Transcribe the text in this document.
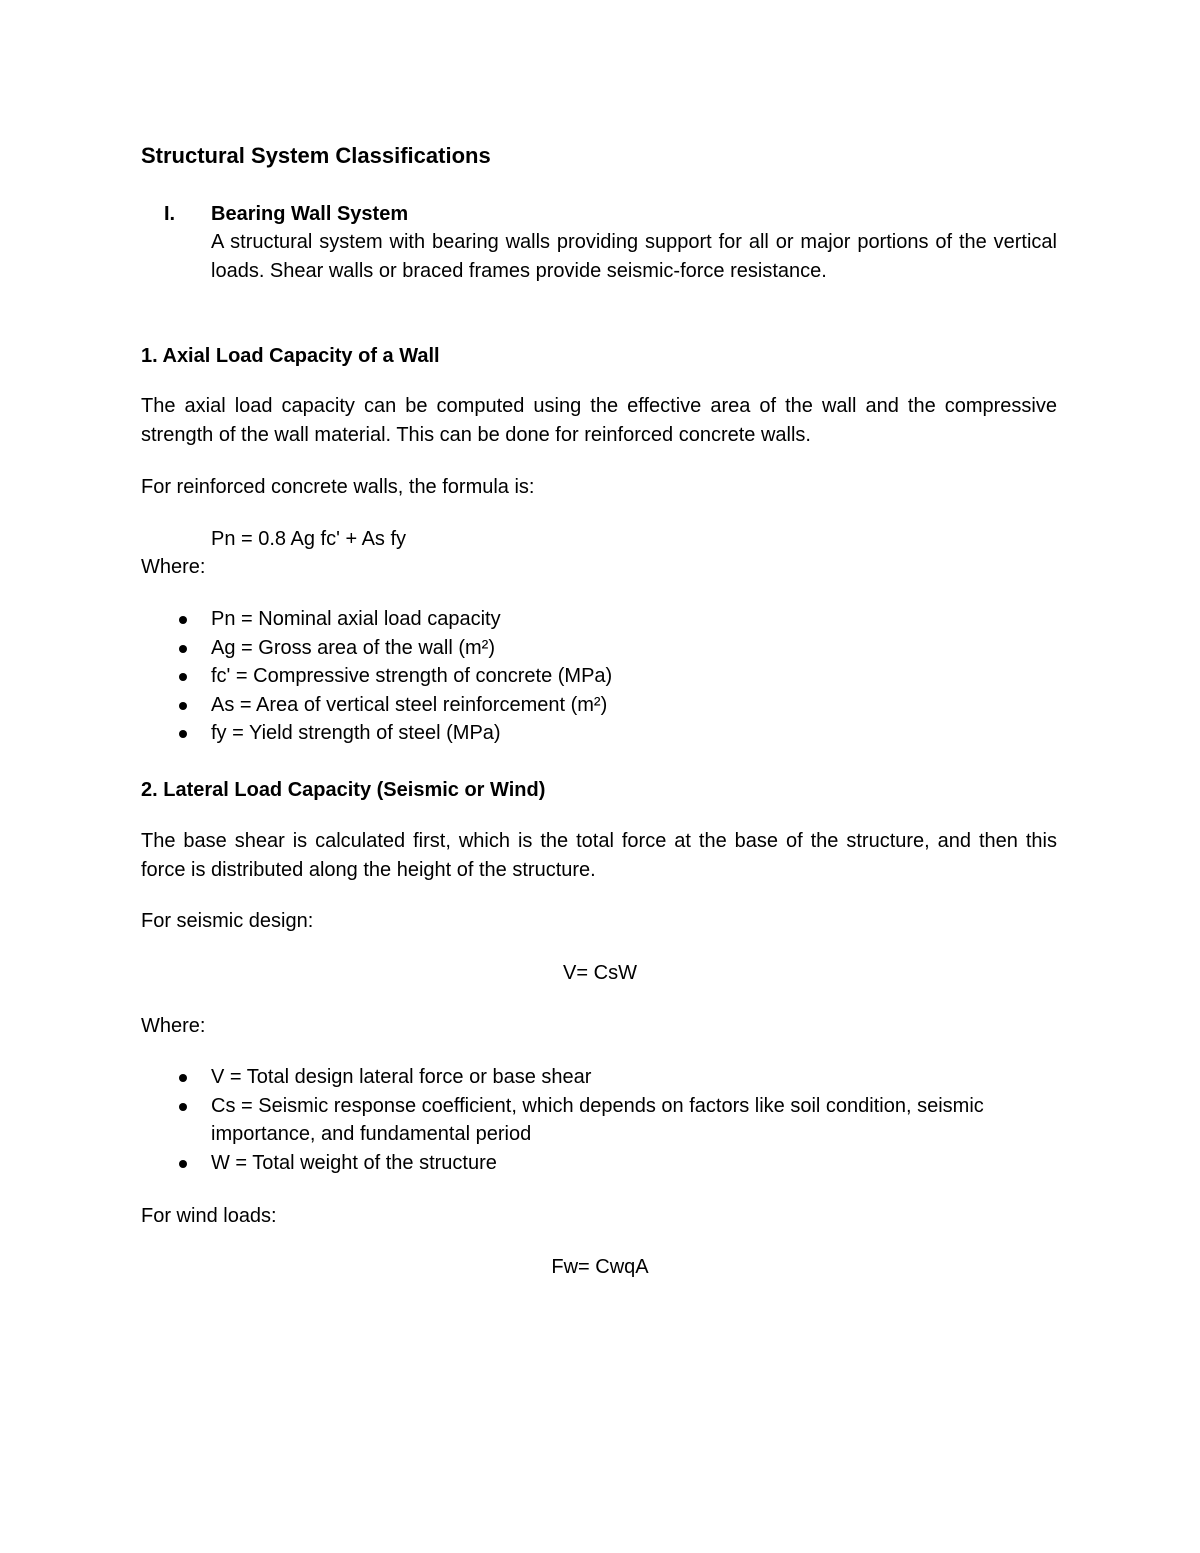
Structural System Classifications
I. Bearing Wall System
A structural system with bearing walls providing support for all or major portions of the vertical loads. Shear walls or braced frames provide seismic-force resistance.
1. Axial Load Capacity of a Wall
The axial load capacity can be computed using the effective area of the wall and the compressive strength of the wall material. This can be done for reinforced concrete walls.
For reinforced concrete walls, the formula is:
Pn = 0.8 Ag fc' + As fy
Where:
Pn = Nominal axial load capacity
Ag = Gross area of the wall (m²)
fc' = Compressive strength of concrete (MPa)
As = Area of vertical steel reinforcement (m²)
fy = Yield strength of steel (MPa)
2. Lateral Load Capacity (Seismic or Wind)
The base shear is calculated first, which is the total force at the base of the structure, and then this force is distributed along the height of the structure.
For seismic design:
V= CsW
Where:
V = Total design lateral force or base shear
Cs = Seismic response coefficient, which depends on factors like soil condition, seismic importance, and fundamental period
W = Total weight of the structure
For wind loads:
Fw= CwqA
